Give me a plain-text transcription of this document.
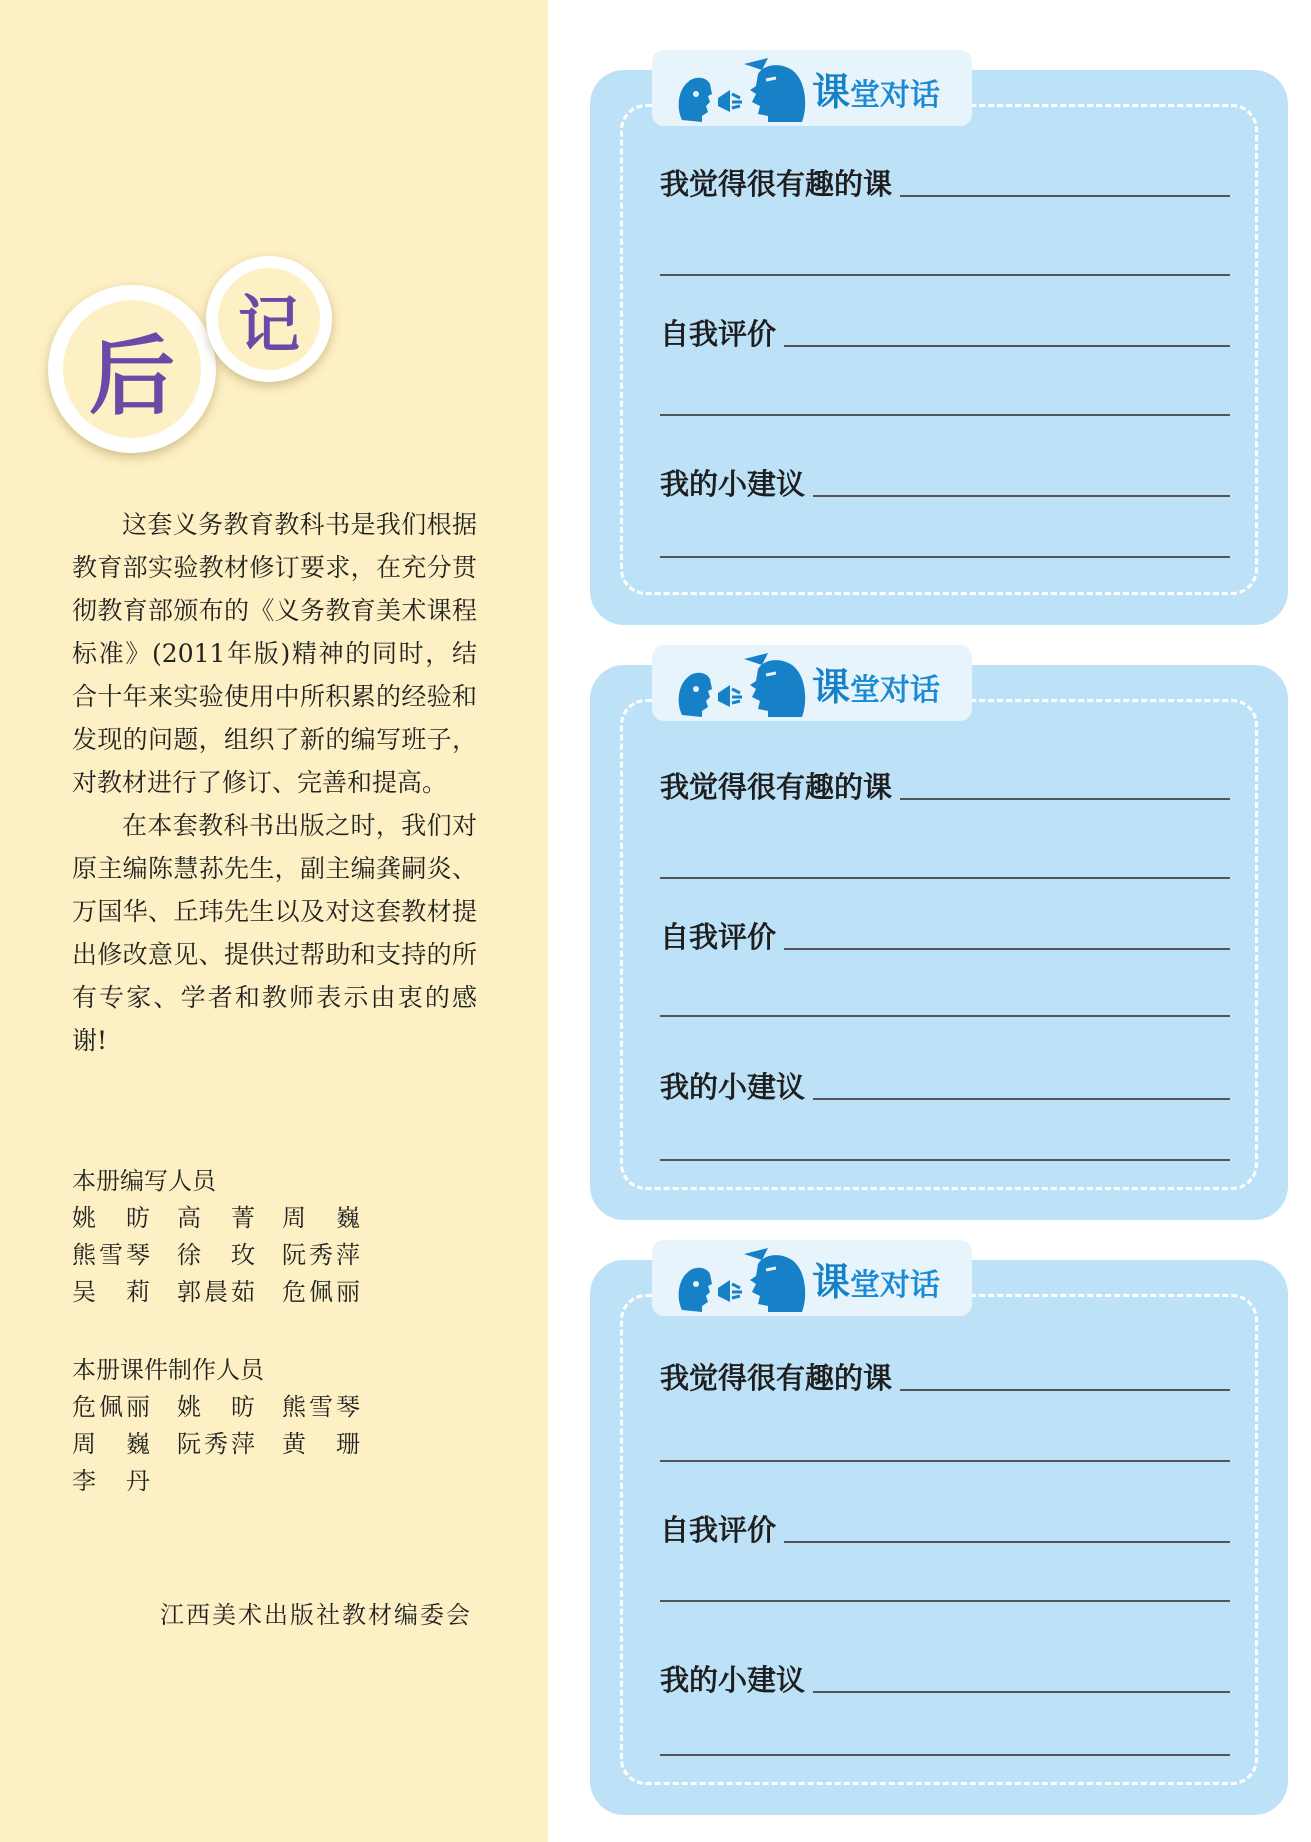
后
记

这套义务教育教科书是我们根据教育部实验教材修订要求，在充分贯彻教育部颁布的《义务教育美术课程标准》(2011年版)精神的同时，结合十年来实验使用中所积累的经验和发现的问题，组织了新的编写班子，对教材进行了修订、完善和提高。

在本套教科书出版之时，我们对原主编陈慧荪先生，副主编龚嗣炎、万国华、丘玮先生以及对这套教材提出修改意见、提供过帮助和支持的所有专家、学者和教师表示由衷的感谢!

本册编写人员

姚 昉 高 菁 周 巍
熊雪琴 徐 玫 阮秀萍
吴 莉 郭晨茹 危佩丽

本册课件制作人员

危佩丽 姚 昉 熊雪琴
周 巍 阮秀萍 黄 珊
李 丹
江西美术出版社教材编委会
课 堂对话
我觉得很有趣的课
自我评价
我的小建议
课 堂对话
我觉得很有趣的课
自我评价
我的小建议
课 堂对话
我觉得很有趣的课
自我评价
我的小建议
